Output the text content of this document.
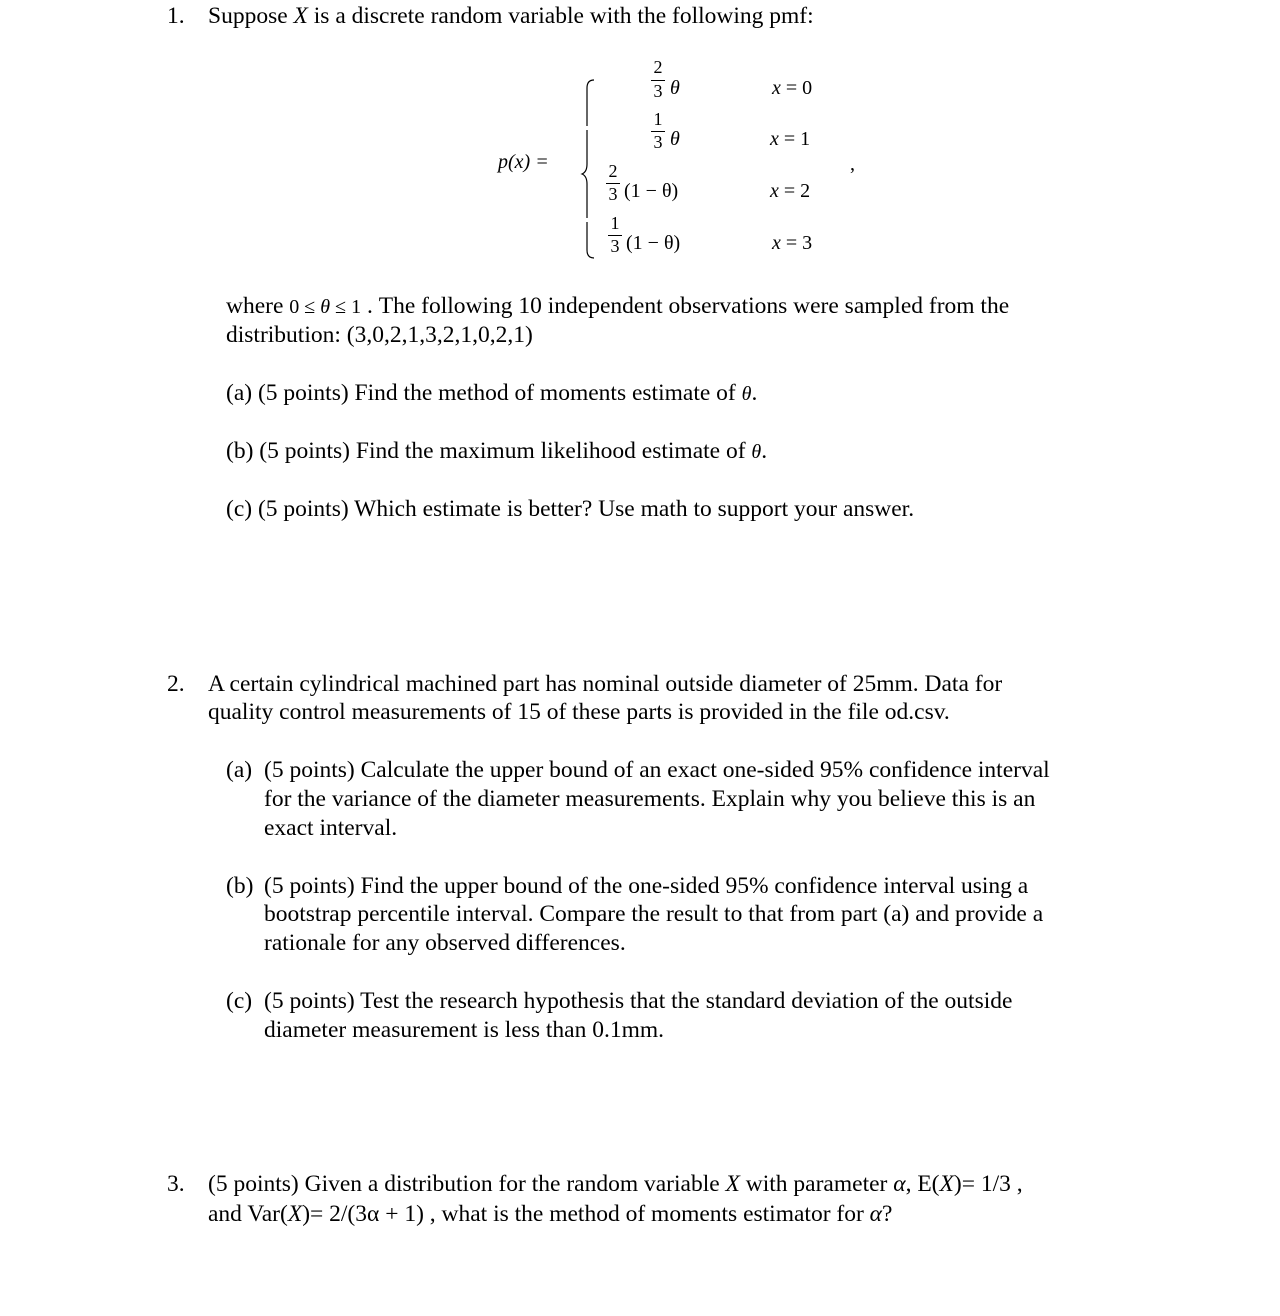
1. Suppose X is a discrete random variable with the following pmf:
p(x) =
2
3 θ	x = 0
1
3 θ	x = 1
2
3 (1 − θ)	x = 2
1
3 (1 − θ)	x = 3
,
where 0 ≤ θ ≤ 1 . The following 10 independent observations were sampled from the
distribution: (3,0,2,1,3,2,1,0,2,1)
(a) (5 points) Find the method of moments estimate of θ.
(b) (5 points) Find the maximum likelihood estimate of θ.
(c) (5 points) Which estimate is better? Use math to support your answer.
2. A certain cylindrical machined part has nominal outside diameter of 25mm. Data for
quality control measurements of 15 of these parts is provided in the file od.csv.
(a) (5 points) Calculate the upper bound of an exact one-sided 95% confidence interval
for the variance of the diameter measurements. Explain why you believe this is an
exact interval.
(b) (5 points) Find the upper bound of the one-sided 95% confidence interval using a
bootstrap percentile interval. Compare the result to that from part (a) and provide a
rationale for any observed differences.
(c) (5 points) Test the research hypothesis that the standard deviation of the outside
diameter measurement is less than 0.1mm.
3. (5 points) Given a distribution for the random variable X with parameter α, E(X)= 1/3 ,
and Var(X)= 2/(3α + 1) , what is the method of moments estimator for α?
